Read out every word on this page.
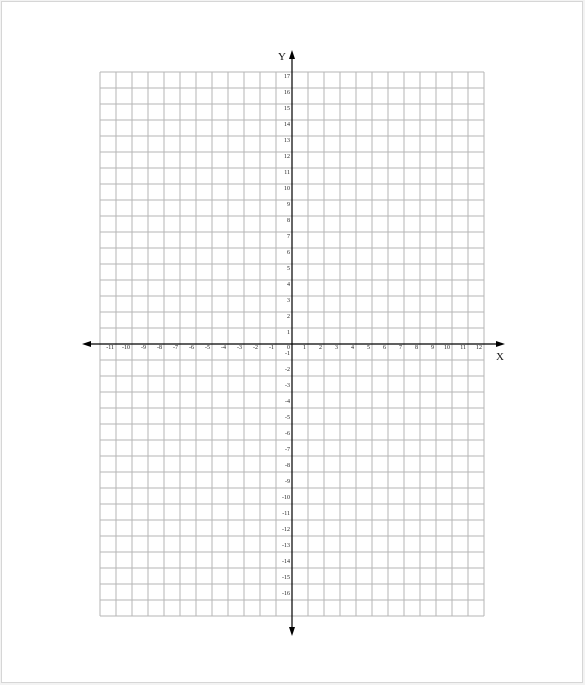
-11 -10 -9 -8 -7 -6 -5 -4 -3 -2 -1 0 1 2 3 4 5 6 7 8 9 10 11 12
1
2
3
4
5
6
7
8
9
10
11
12
13
14
15
16
17
-1
-2
-3
-4
-5
-6
-7
-8
-9
-10
-11
-12
-13
-14
-15
-16
X
Y
